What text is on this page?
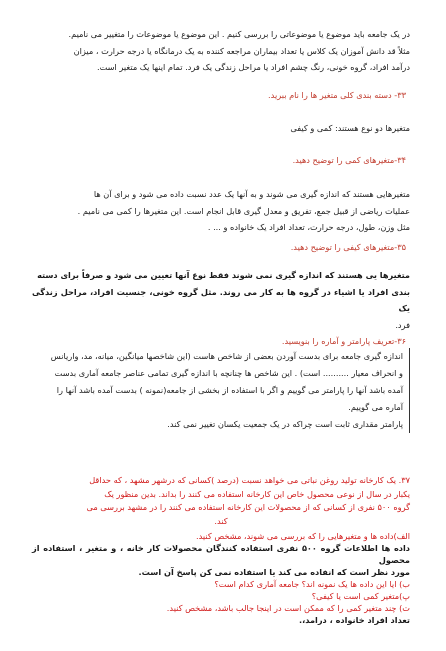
در یک جامعه باید موضوع یا موضوعاتی را بررسی کنیم . این موضوع یا موضوعات را متغییر می نامیم.

مثلاً قد دانش آموزان یک کلاس یا تعداد بیماران مراجعه کننده به یک درمانگاه یا درجه حرارت ، میزان

درآمد افراد، گروه خونی، رنگ چشم افراد یا مراحل زندگی یک فرد. تمام اینها یک متغیر است.

۳۳- دسته بندی کلی متغیر ها را نام ببرید.
متغیرها دو نوع هستند: کمی و کیفی
۳۴-متغیرهای کمی را توضیح دهید.

متغیرهایی هستند که اندازه گیری می شوند و به آنها یک عدد نسبت داده می شود و برای آن ها

عملیات ریاضی از قبیل جمع، تفریق و معدل گیری قابل انجام است. این متغیرها را کمی می نامیم .

مثل وزن، طول، درجه حرارت، تعداد افراد یک خانواده و ... .

۳۵-متغیرهای کیفی را توضیح دهید.

متغیرها یی هستند که اندازه گیری نمی شوند فقط نوع آنها تعیین می شود و صرفاً برای دسته

بندی افراد یا اشیاء در گروه ها به کار می روند. مثل گروه خونی، جنسیت افراد، مراحل زندگی یک

فرد.

۳۶-تعریف پارامتر و آماره را بنویسید.

اندازه گیری جامعه برای بدست آوردن بعضی از شاخص هاست (این شاخصها میانگین، میانه، مد، واریانس

و انحراف معیار .......... است) . این شاخص ها چنانچه با اندازه گیری تمامی عناصر جامعه آماری بدست

آمده باشد آنها را پارامتر می گوییم و اگر با استفاده از بخشی از جامعه(نمونه ) بدست آمده باشد آنها را

آماره می گوییم.

پارامتر مقداری ثابت است چراکه در یک جمعیت یکسان تغییر نمی کند.

۳۷. یک کارخانه تولید روغن نباتی می خواهد نسبت (درصد )کسانی که درشهر مشهد ، که حداقل

یکبار در سال از نوعی محصول خاص این کارخانه استفاده می کنند را بداند. بدین منظور یک

گروه ۵۰۰ نفری از کسانی که از محصولات این کارخانه استفاده می کنند را در مشهد بررسی می

کند.

الف)داده ها و متغیرهایی را که بررسی می شوند، مشخص کنید.

داده ها اطلاعات گروه ۵۰۰ نفری استفاده کنندگان محصولات کار خانه ، و متغیر ، استفاده از محصول

مورد نظر است که انفاده می کند یا استفاده نمی کن پاسخ آن است.

ب) ایا این داده ها یک نمونه اند؟ جامعه آماری کدام است؟

پ)متغیر کمی است یا کیفی؟

ت) چند متغیر کمی را که ممکن است در اینجا جالب باشد، مشخص کنید.

تعداد افراد خانواده ، درامد،.
